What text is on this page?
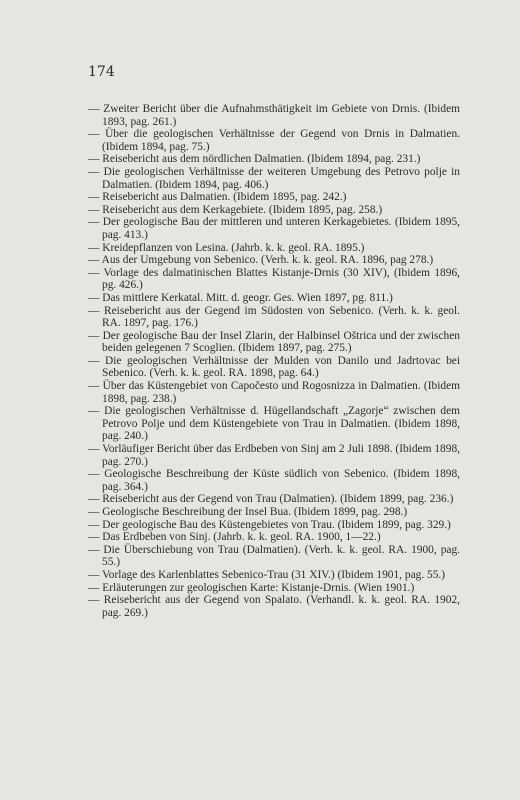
174

— Zweiter Bericht über die Aufnahmsthätigkeit im Gebiete von Drnis. (Ibidem 1893, pag. 261.)

— Über die geologischen Verhältnisse der Gegend von Drnis in Dalmatien. (Ibidem 1894, pag. 75.)

— Reisebericht aus dem nördlichen Dalmatien. (Ibidem 1894, pag. 231.)

— Die geologischen Verhältnisse der weiteren Umgebung des Petrovo polje in Dalmatien. (Ibidem 1894, pag. 406.)

— Reisebericht aus Dalmatien. (Ibidem 1895, pag. 242.)

— Reisebericht aus dem Kerkagebiete. (Ibidem 1895, pag. 258.)

— Der geologische Bau der mittleren und unteren Kerkagebietes. (Ibidem 1895, pag. 413.)

— Kreidepflanzen von Lesina. (Jahrb. k. k. geol. RA. 1895.)

— Aus der Umgebung von Sebenico. (Verh. k. k. geol. RA. 1896, pag 278.)

— Vorlage des dalmatinischen Blattes Kistanje-Drnis (30 XIV), (Ibidem 1896, pg. 426.)

— Das mittlere Kerkatal. Mitt. d. geogr. Ges. Wien 1897, pg. 811.)

— Reisebericht aus der Gegend im Südosten von Sebenico. (Verh. k. k. geol. RA. 1897, pag. 176.)

— Der geologische Bau der Insel Zlarin, der Halbinsel Oštrica und der zwischen beiden gelegenen 7 Scoglien. (Ibidem 1897, pag. 275.)

— Die geologischen Verhältnisse der Mulden von Danilo und Jadrtovac bei Sebenico. (Verh. k. k. geol. RA. 1898, pag. 64.)

— Über das Küstengebiet von Capočesto und Rogosnizza in Dalmatien. (Ibidem 1898, pag. 238.)

— Die geologischen Verhältnisse d. Hügellandschaft „Zagorje“ zwischen dem Petrovo Polje und dem Küstengebiete von Trau in Dalmatien. (Ibidem 1898, pag. 240.)

— Vorläufiger Bericht über das Erdbeben von Sinj am 2 Juli 1898. (Ibidem 1898, pag. 270.)

— Geologische Beschreibung der Küste südlich von Sebenico. (Ibidem 1898, pag. 364.)

— Reisebericht aus der Gegend von Trau (Dalmatien). (Ibidem 1899, pag. 236.)

— Geologische Beschreibung der Insel Bua. (Ibidem 1899, pag. 298.)

— Der geologische Bau des Küstengebietes von Trau. (Ibidem 1899, pag. 329.)

— Das Erdbeben von Sinj. (Jahrb. k. k. geol. RA. 1900, 1—22.)

— Die Überschiebung von Trau (Dalmatien). (Verh. k. k. geol. RA. 1900, pag. 55.)

— Vorlage des Karlenblattes Sebenico-Trau (31 XIV.) (Ibidem 1901, pag. 55.)

— Erläuterungen zur geologischen Karte: Kistanje-Drnis. (Wien 1901.)

— Reisebericht aus der Gegend von Spalato. (Verhandl. k. k. geol. RA. 1902, pag. 269.)
